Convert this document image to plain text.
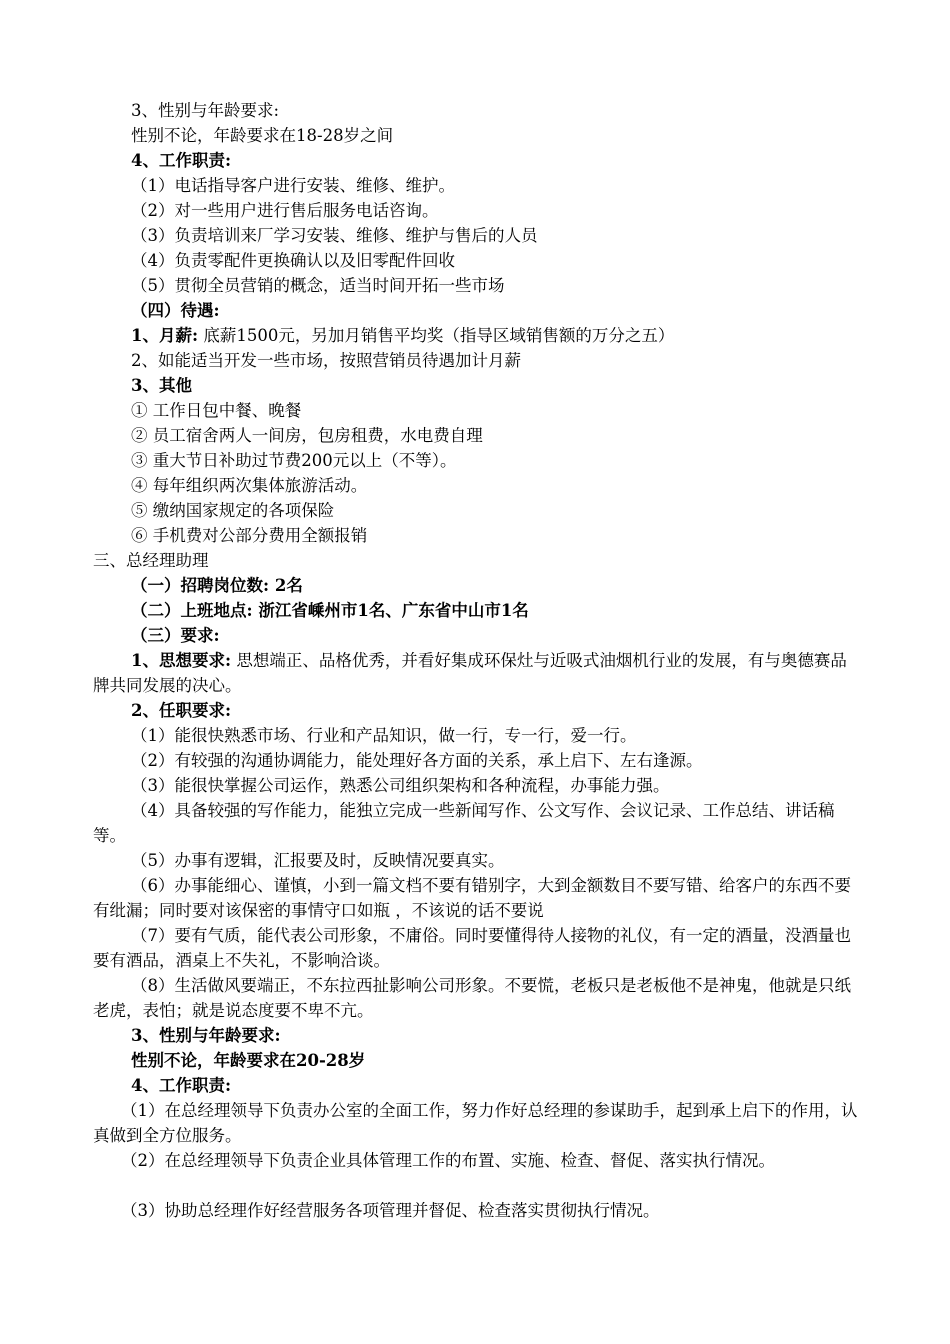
3、性别与年龄要求:
性别不论，年龄要求在18-28岁之间
4、工作职责:
（1）电话指导客户进行安装、维修、维护。
（2）对一些用户进行售后服务电话咨询。
（3）负责培训来厂学习安装、维修、维护与售后的人员
（4）负责零配件更换确认以及旧零配件回收
（5）贯彻全员营销的概念，适当时间开拓一些市场
（四）待遇:
1、月薪: 底薪1500元，另加月销售平均奖（指导区域销售额的万分之五）
2、如能适当开发一些市场，按照营销员待遇加计月薪
3、其他
① 工作日包中餐、晚餐
② 员工宿舍两人一间房，包房租费，水电费自理
③ 重大节日补助过节费200元以上（不等）。
④ 每年组织两次集体旅游活动。
⑤ 缴纳国家规定的各项保险
⑥ 手机费对公部分费用全额报销
三、总经理助理
（一）招聘岗位数: 2名
（二）上班地点: 浙江省嵊州市1名、广东省中山市1名
（三）要求:
1、思想要求: 思想端正、品格优秀，并看好集成环保灶与近吸式油烟机行业的发展，有与奥德赛品牌共同发展的决心。
2、任职要求:
（1）能很快熟悉市场、行业和产品知识，做一行，专一行，爱一行。
（2）有较强的沟通协调能力，能处理好各方面的关系，承上启下、左右逢源。
（3）能很快掌握公司运作，熟悉公司组织架构和各种流程，办事能力强。
（4）具备较强的写作能力，能独立完成一些新闻写作、公文写作、会议记录、工作总结、讲话稿等。
（5）办事有逻辑，汇报要及时，反映情况要真实。
（6）办事能细心、谨慎，小到一篇文档不要有错别字，大到金额数目不要写错、给客户的东西不要有纰漏；同时要对该保密的事情守口如瓶 ，不该说的话不要说
（7）要有气质，能代表公司形象，不庸俗。同时要懂得待人接物的礼仪，有一定的酒量，没酒量也要有酒品，酒桌上不失礼，不影响洽谈。
（8）生活做风要端正，不东拉西扯影响公司形象。不要慌，老板只是老板他不是神鬼，他就是只纸老虎，表怕；就是说态度要不卑不亢。
3、性别与年龄要求:
性别不论，年龄要求在20-28岁
4、工作职责:
（1）在总经理领导下负责办公室的全面工作，努力作好总经理的参谋助手，起到承上启下的作用，认真做到全方位服务。
（2）在总经理领导下负责企业具体管理工作的布置、实施、检查、督促、落实执行情况。
（3）协助总经理作好经营服务各项管理并督促、检查落实贯彻执行情况。
